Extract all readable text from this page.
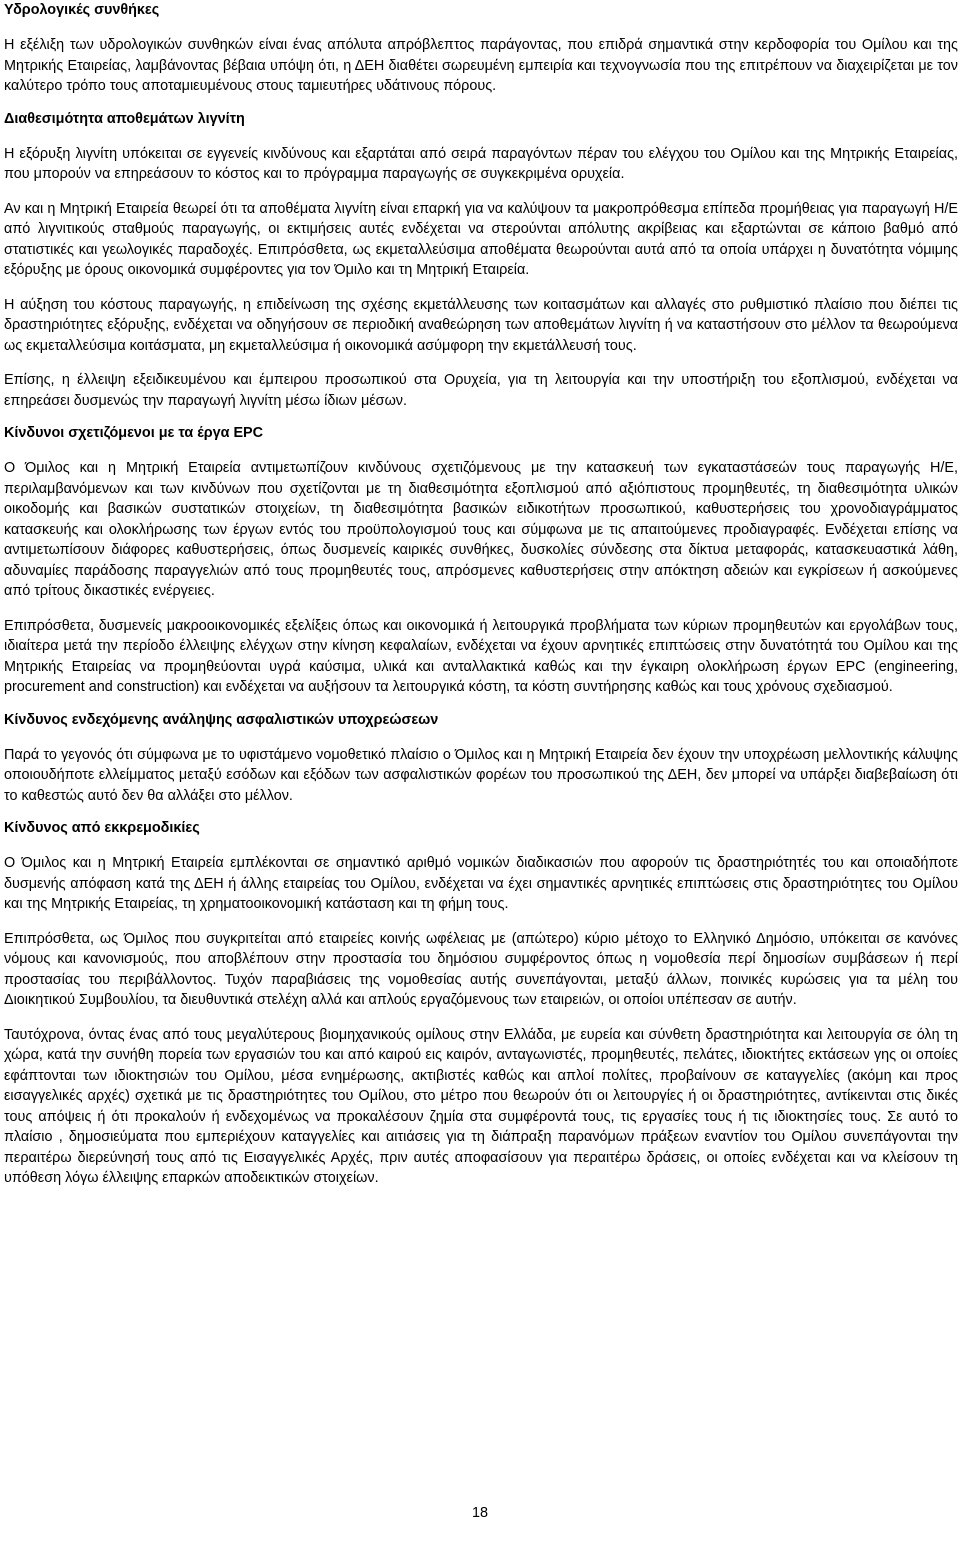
Υδρολογικές συνθήκες

Η εξέλιξη των υδρολογικών συνθηκών είναι ένας απόλυτα απρόβλεπτος παράγοντας, που επιδρά σημαντικά στην κερδοφορία του Ομίλου και της Μητρικής Εταιρείας, λαμβάνοντας βέβαια υπόψη ότι, η ΔΕΗ διαθέτει σωρευμένη εμπειρία και τεχνογνωσία που της επιτρέπουν να διαχειρίζεται με τον καλύτερο τρόπο τους αποταμιευμένους στους ταμιευτήρες υδάτινους πόρους.

Διαθεσιμότητα αποθεμάτων λιγνίτη

Η εξόρυξη λιγνίτη υπόκειται σε εγγενείς κινδύνους και εξαρτάται από σειρά παραγόντων πέραν του ελέγχου του Ομίλου και της Μητρικής Εταιρείας, που μπορούν να επηρεάσουν το κόστος και το πρόγραμμα παραγωγής σε συγκεκριμένα ορυχεία.

Αν και η Μητρική Εταιρεία θεωρεί ότι τα αποθέματα λιγνίτη είναι επαρκή για να καλύψουν τα μακροπρόθεσμα επίπεδα προμήθειας για παραγωγή Η/Ε από λιγνιτικούς σταθμούς παραγωγής, οι εκτιμήσεις αυτές ενδέχεται να στερούνται απόλυτης ακρίβειας και εξαρτώνται σε κάποιο βαθμό από στατιστικές και γεωλογικές παραδοχές. Επιπρόσθετα, ως εκμεταλλεύσιμα αποθέματα θεωρούνται αυτά από τα οποία υπάρχει η δυνατότητα νόμιμης εξόρυξης με όρους οικονομικά συμφέροντες για τον Όμιλο και τη Μητρική Εταιρεία.

Η αύξηση του κόστους παραγωγής, η επιδείνωση της σχέσης εκμετάλλευσης των κοιτασμάτων και αλλαγές στο ρυθμιστικό πλαίσιο που διέπει τις δραστηριότητες εξόρυξης, ενδέχεται να οδηγήσουν σε περιοδική αναθεώρηση των αποθεμάτων λιγνίτη ή να καταστήσουν στο μέλλον τα θεωρούμενα ως εκμεταλλεύσιμα κοιτάσματα, μη εκμεταλλεύσιμα ή οικονομικά ασύμφορη την εκμετάλλευσή τους.

Επίσης, η έλλειψη εξειδικευμένου και έμπειρου προσωπικού στα Ορυχεία, για τη λειτουργία και την υποστήριξη του εξοπλισμού, ενδέχεται να επηρεάσει δυσμενώς την παραγωγή λιγνίτη μέσω ίδιων μέσων.

Κίνδυνοι σχετιζόμενοι με τα έργα EPC

Ο Όμιλος και η Μητρική Εταιρεία αντιμετωπίζουν κινδύνους σχετιζόμενους με την κατασκευή των εγκαταστάσεών τους παραγωγής Η/Ε, περιλαμβανόμενων και των κινδύνων που σχετίζονται με τη διαθεσιμότητα εξοπλισμού από αξιόπιστους προμηθευτές, τη διαθεσιμότητα υλικών οικοδομής και βασικών συστατικών στοιχείων, τη διαθεσιμότητα βασικών ειδικοτήτων προσωπικού, καθυστερήσεις του χρονοδιαγράμματος κατασκευής και ολοκλήρωσης των έργων εντός του προϋπολογισμού τους και σύμφωνα με τις απαιτούμενες προδιαγραφές. Ενδέχεται επίσης να αντιμετωπίσουν διάφορες καθυστερήσεις, όπως δυσμενείς καιρικές συνθήκες, δυσκολίες σύνδεσης στα δίκτυα μεταφοράς, κατασκευαστικά λάθη, αδυναμίες παράδοσης παραγγελιών από τους προμηθευτές τους, απρόσμενες καθυστερήσεις στην απόκτηση αδειών και εγκρίσεων ή ασκούμενες από τρίτους δικαστικές ενέργειες.

Επιπρόσθετα, δυσμενείς μακροοικονομικές εξελίξεις όπως και οικονομικά ή λειτουργικά προβλήματα των κύριων προμηθευτών και εργολάβων τους, ιδιαίτερα μετά την περίοδο έλλειψης ελέγχων στην κίνηση κεφαλαίων, ενδέχεται να έχουν αρνητικές επιπτώσεις στην δυνατότητά του Ομίλου και της Μητρικής Εταιρείας να προμηθεύονται υγρά καύσιμα, υλικά και ανταλλακτικά καθώς και την έγκαιρη ολοκλήρωση έργων EPC (engineering, procurement and construction) και ενδέχεται να αυξήσουν τα λειτουργικά κόστη, τα κόστη συντήρησης καθώς και τους χρόνους σχεδιασμού.

Κίνδυνος ενδεχόμενης ανάληψης ασφαλιστικών υποχρεώσεων

Παρά το γεγονός ότι σύμφωνα με το υφιστάμενο νομοθετικό πλαίσιο ο Όμιλος και η Μητρική Εταιρεία δεν έχουν την υποχρέωση μελλοντικής κάλυψης οποιουδήποτε ελλείμματος μεταξύ εσόδων και εξόδων των ασφαλιστικών φορέων του προσωπικού της ΔΕΗ, δεν μπορεί να υπάρξει διαβεβαίωση ότι το καθεστώς αυτό δεν θα αλλάξει στο μέλλον.

Κίνδυνος από εκκρεμοδικίες

Ο Όμιλος και η Μητρική Εταιρεία εμπλέκονται σε σημαντικό αριθμό νομικών διαδικασιών που αφορούν τις δραστηριότητές του και οποιαδήποτε δυσμενής απόφαση κατά της ΔΕΗ ή άλλης εταιρείας του Ομίλου, ενδέχεται να έχει σημαντικές αρνητικές επιπτώσεις στις δραστηριότητες του Ομίλου και της Μητρικής Εταιρείας, τη χρηματοοικονομική κατάσταση και τη φήμη τους.

Επιπρόσθετα, ως Όμιλος που συγκριτείται από εταιρείες κοινής ωφέλειας με (απώτερο) κύριο μέτοχο το Ελληνικό Δημόσιο, υπόκειται σε κανόνες νόμους και κανονισμούς, που αποβλέπουν στην προστασία του δημόσιου συμφέροντος όπως η νομοθεσία περί δημοσίων συμβάσεων ή περί προστασίας του περιβάλλοντος. Τυχόν παραβιάσεις της νομοθεσίας αυτής συνεπάγονται, μεταξύ άλλων, ποινικές κυρώσεις για τα μέλη του Διοικητικού Συμβουλίου, τα διευθυντικά στελέχη αλλά και απλούς εργαζόμενους των εταιρειών, οι οποίοι υπέπεσαν σε αυτήν.

Ταυτόχρονα, όντας ένας από τους μεγαλύτερους βιομηχανικούς ομίλους στην Ελλάδα, με ευρεία και σύνθετη δραστηριότητα και λειτουργία σε όλη τη χώρα, κατά την συνήθη πορεία των εργασιών του και από καιρού εις καιρόν, ανταγωνιστές, προμηθευτές, πελάτες, ιδιοκτήτες εκτάσεων γης οι οποίες εφάπτονται των ιδιοκτησιών του Ομίλου, μέσα ενημέρωσης, ακτιβιστές καθώς και απλοί πολίτες, προβαίνουν σε καταγγελίες (ακόμη και προς εισαγγελικές αρχές) σχετικά με τις δραστηριότητες του Ομίλου, στο μέτρο που θεωρούν ότι οι λειτουργίες ή οι δραστηριότητες, αντίκεινται στις δικές τους απόψεις ή ότι προκαλούν ή ενδεχομένως να προκαλέσουν ζημία στα συμφέροντά τους, τις εργασίες τους ή τις ιδιοκτησίες τους. Σε αυτό το πλαίσιο , δημοσιεύματα που εμπεριέχουν καταγγελίες και αιτιάσεις για τη διάπραξη παρανόμων πράξεων εναντίον του Ομίλου συνεπάγονται την περαιτέρω διερεύνησή τους από τις Εισαγγελικές Αρχές, πριν αυτές αποφασίσουν για περαιτέρω δράσεις, οι οποίες ενδέχεται και να κλείσουν τη υπόθεση λόγω έλλειψης επαρκών αποδεικτικών στοιχείων.

18
